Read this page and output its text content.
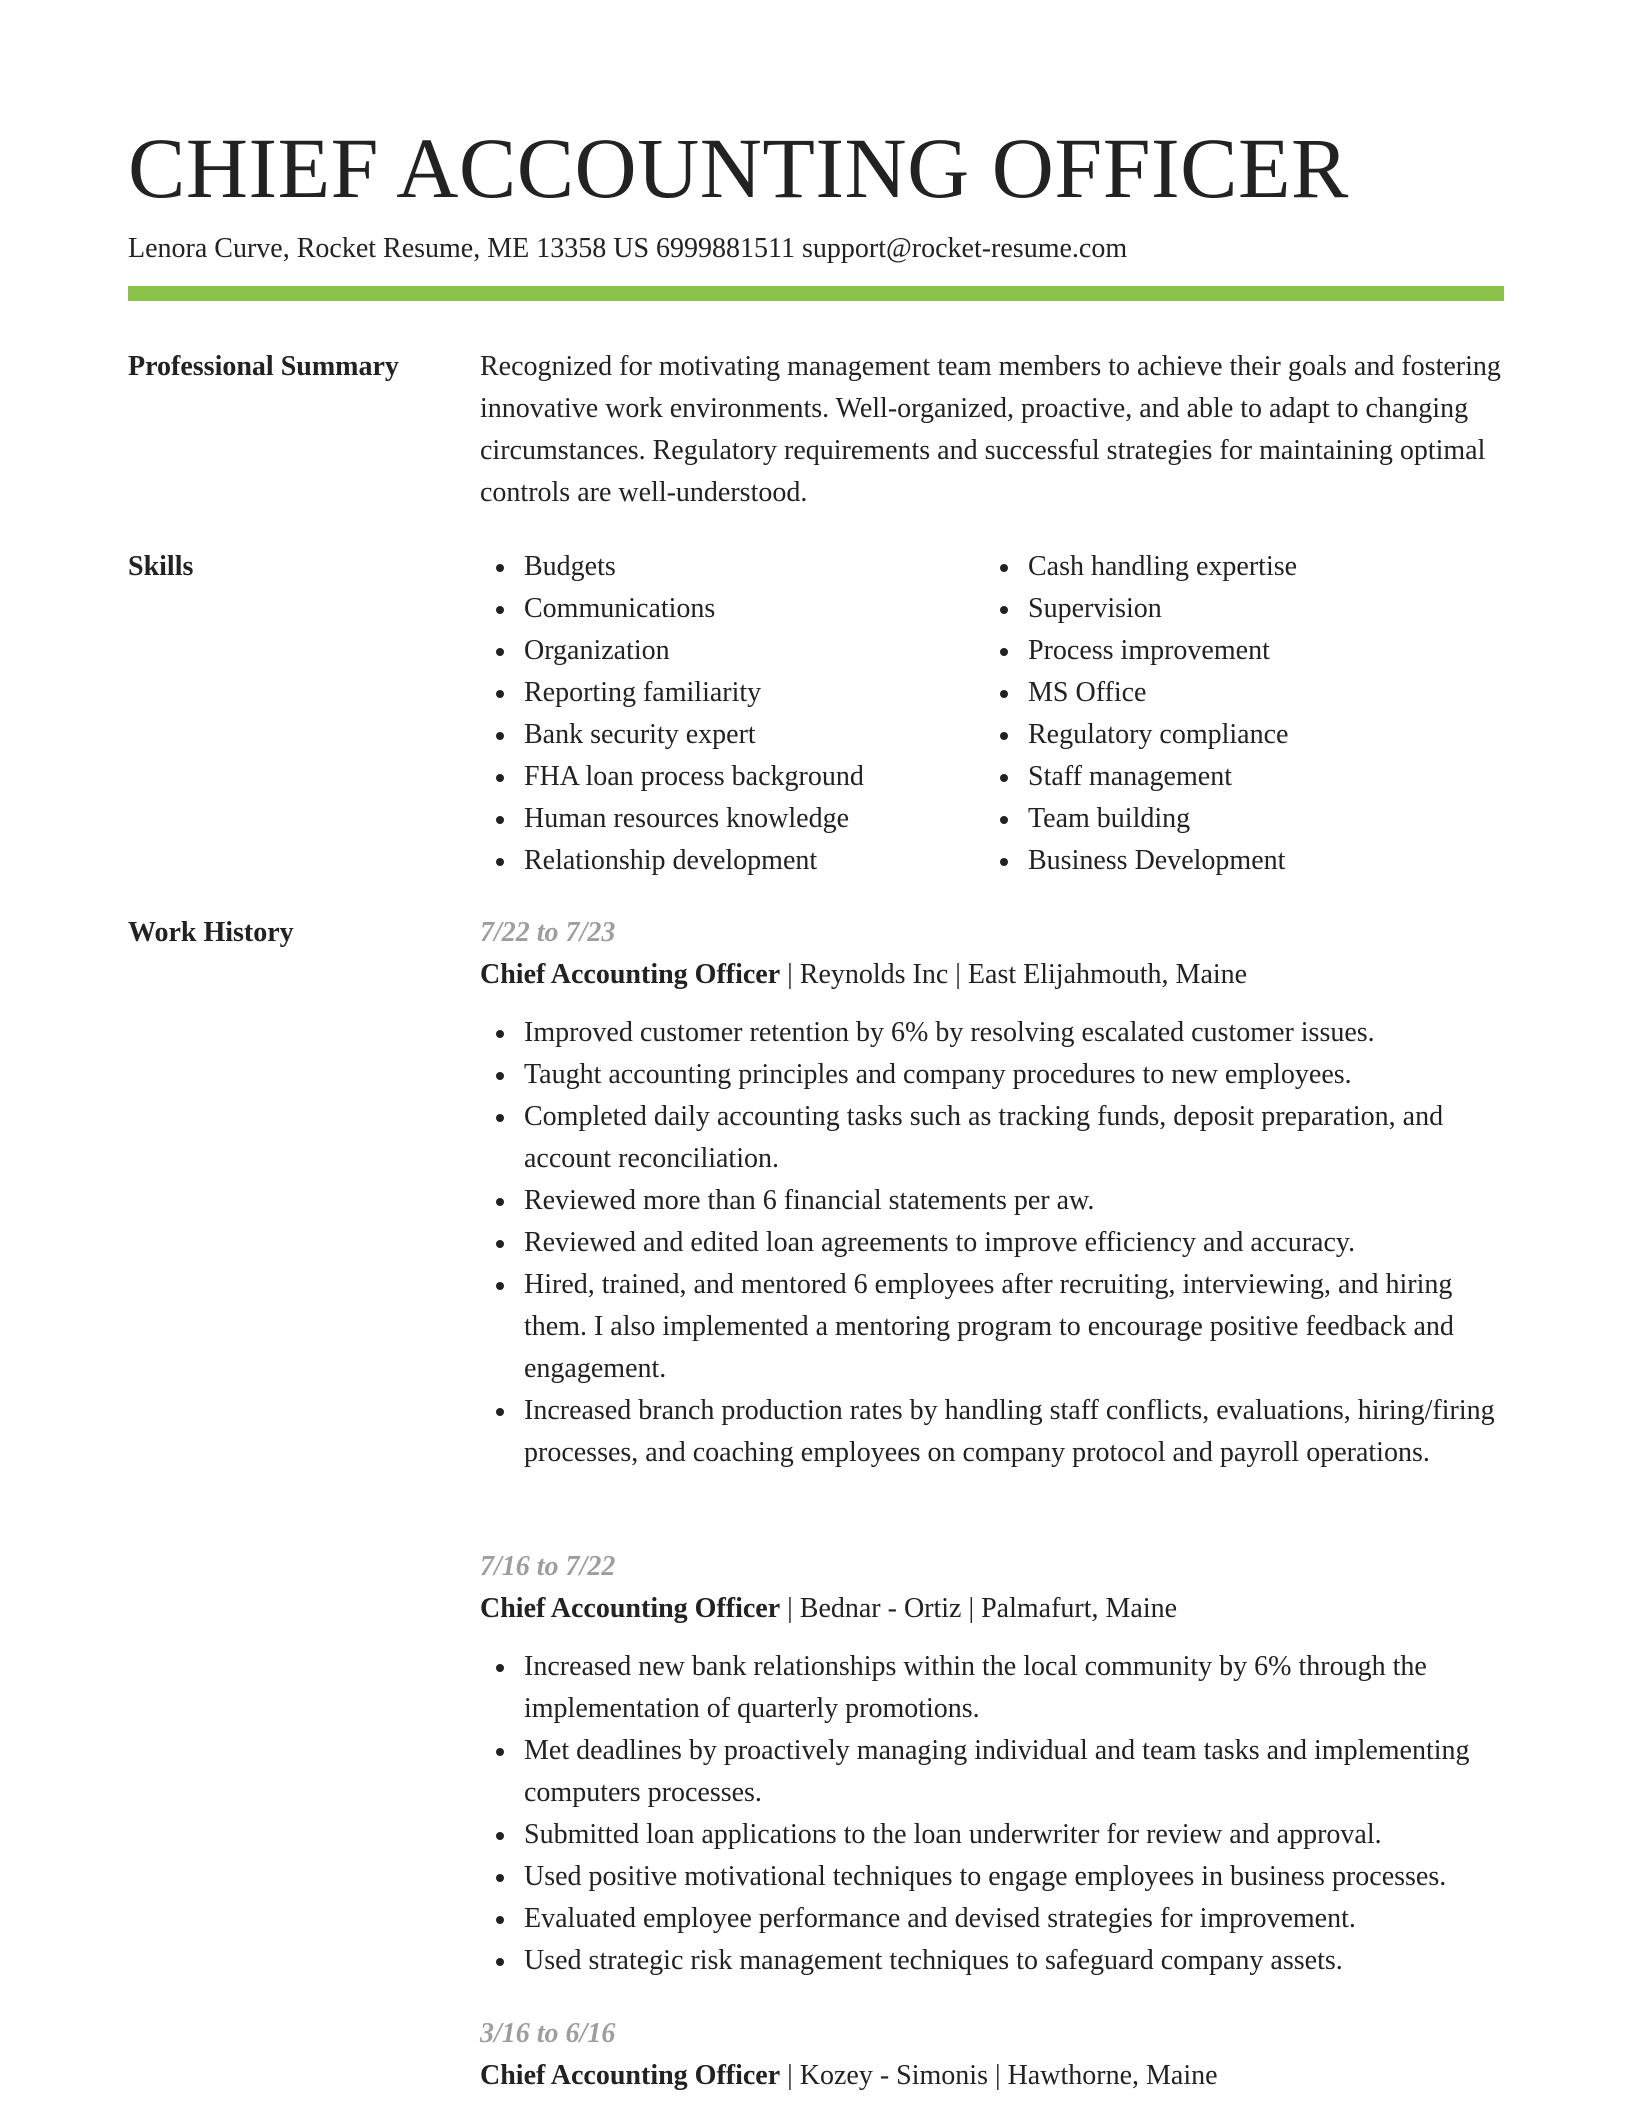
CHIEF ACCOUNTING OFFICER
Lenora Curve, Rocket Resume, ME 13358 US 6999881511 support@rocket-resume.com
Professional Summary	Recognized for motivating management team members to achieve their goals and fostering innovative work environments. Well-organized, proactive, and able to adapt to changing circumstances. Regulatory requirements and successful strategies for maintaining optimal controls are well-understood.

Skills	Budgets
Communications
Organization
Reporting familiarity
Bank security expert
FHA loan process background
Human resources knowledge
Relationship development
Cash handling expertise
Supervision
Process improvement
MS Office
Regulatory compliance
Staff management
Team building
Business Development
Work History	7/22 to 7/23
Chief Accounting Officer | Reynolds Inc | East Elijahmouth, Maine
Improved customer retention by 6% by resolving escalated customer issues.
Taught accounting principles and company procedures to new employees.
Completed daily accounting tasks such as tracking funds, deposit preparation, and account reconciliation.
Reviewed more than 6 financial statements per aw.
Reviewed and edited loan agreements to improve efficiency and accuracy.
Hired, trained, and mentored 6 employees after recruiting, interviewing, and hiring them. I also implemented a mentoring program to encourage positive feedback and engagement.
Increased branch production rates by handling staff conflicts, evaluations, hiring/firing processes, and coaching employees on company protocol and payroll operations.
7/16 to 7/22
Chief Accounting Officer | Bednar - Ortiz | Palmafurt, Maine
Increased new bank relationships within the local community by 6% through the implementation of quarterly promotions.
Met deadlines by proactively managing individual and team tasks and implementing computers processes.
Submitted loan applications to the loan underwriter for review and approval.
Used positive motivational techniques to engage employees in business processes.
Evaluated employee performance and devised strategies for improvement.
Used strategic risk management techniques to safeguard company assets.
3/16 to 6/16
Chief Accounting Officer | Kozey - Simonis | Hawthorne, Maine
